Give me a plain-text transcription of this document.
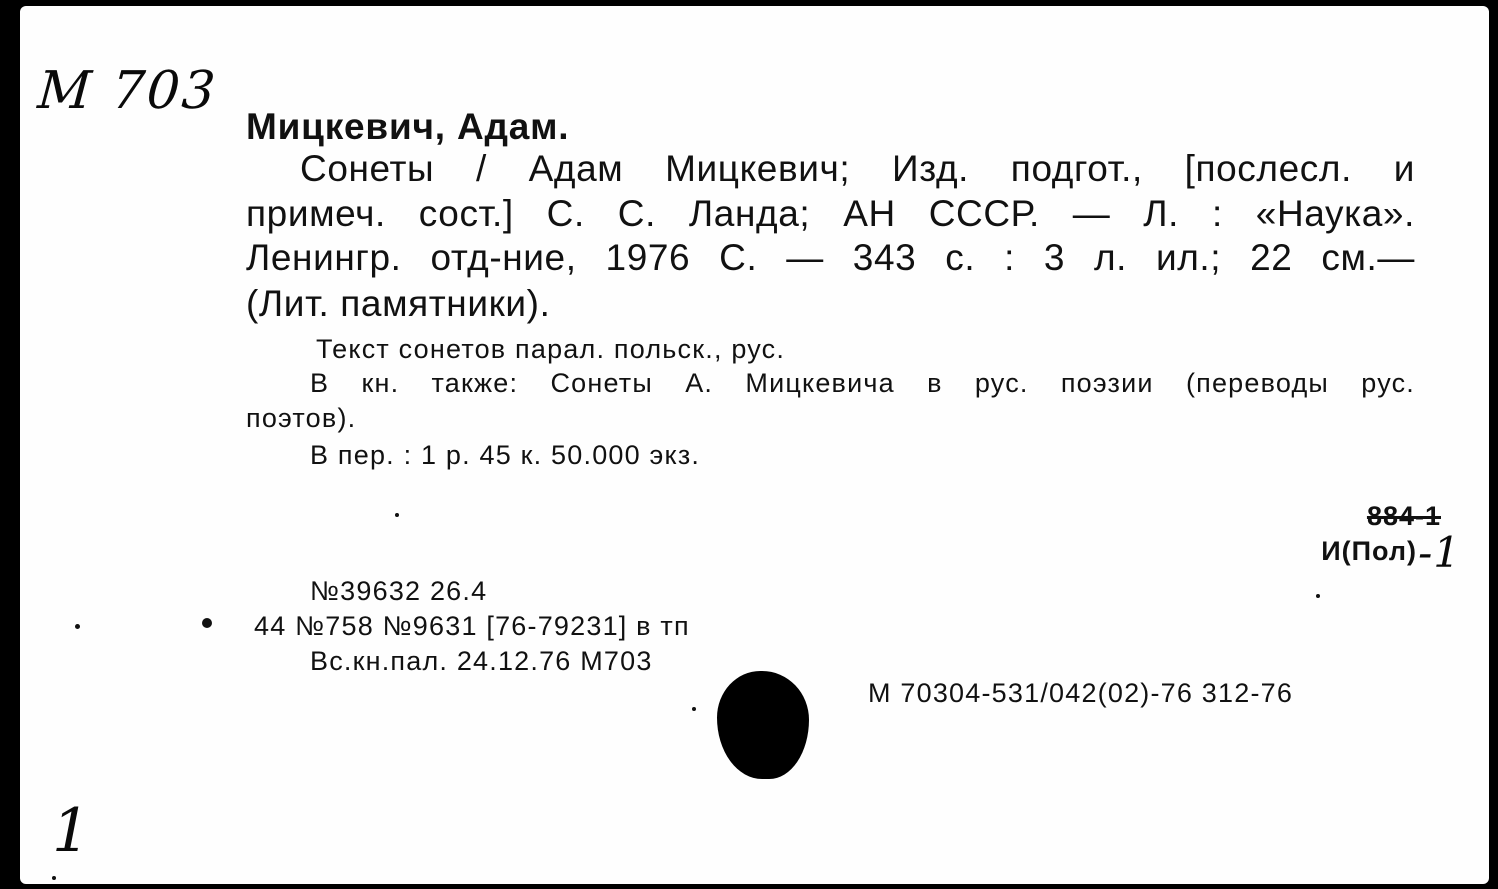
M 703
Мицкевич, Адам.
Сонеты / Адам Мицкевич; Изд. подгот., [послесл. и
примеч. сост.] С. С. Ланда; АН СССР. — Л. : «Наука».
Ленингр. отд-ние, 1976 С. — 343 с. : 3 л. ил.; 22 см.—
(Лит. памятники).
Текст сонетов парал. польск., рус.
В кн. также: Сонеты А. Мицкевича в рус. поэзии (переводы рус.
поэтов).
В пер. : 1 р. 45 к. 50.000 экз.
884-1
И(Пол) -1
№39632 26.4
44 №758 №9631 [76-79231] в тп
Вс.кн.пал. 24.12.76 М703
М 70304-531/042(02)-76 312-76
1
